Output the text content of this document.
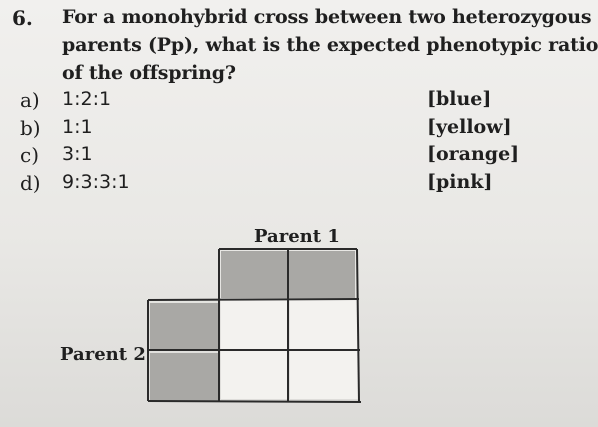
6. For a monohybrid cross between two heterozygous
parents (Pp), what is the expected phenotypic ratio
of the offspring?
a) 1:2:1	[blue]
b) 1:1	[yellow]
c) 3:1	[orange]
d) 9:3:3:1	[pink]
Parent 1
Parent 2
